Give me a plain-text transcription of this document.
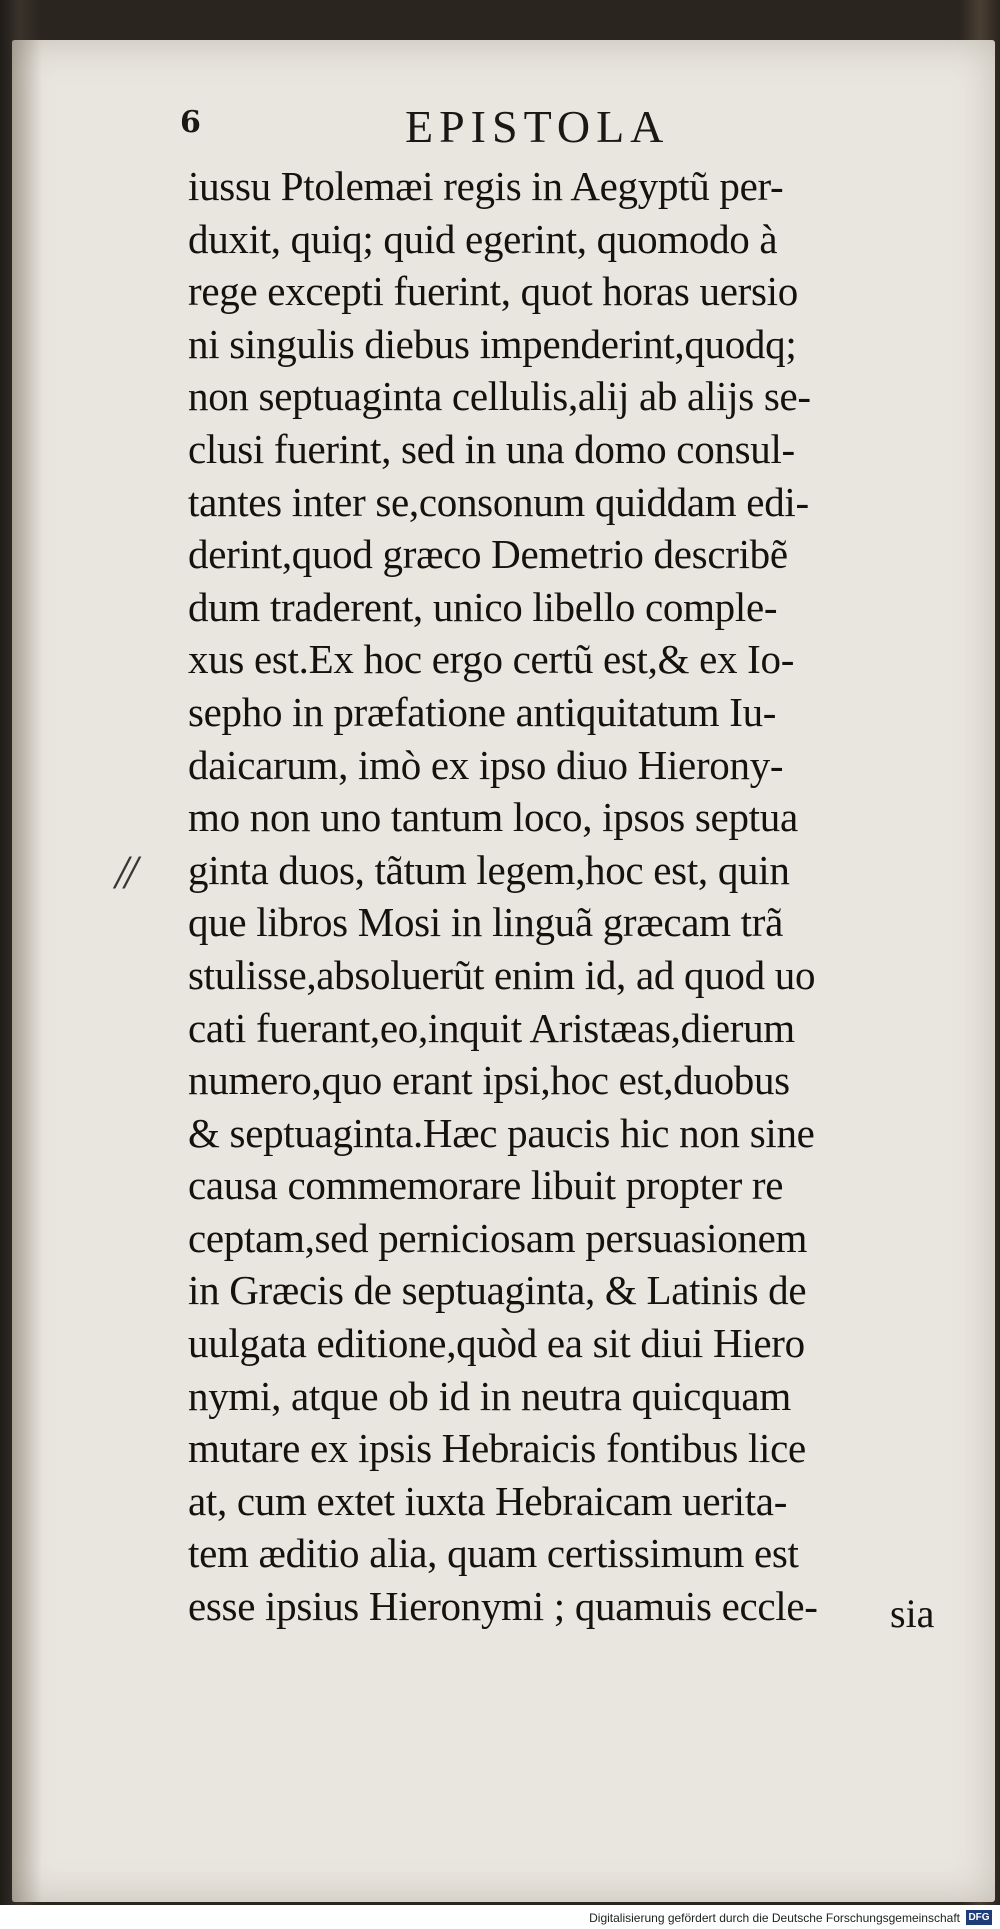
6	EPISTOLA
//
iussu Ptolemæi regis in Aegyptũ per-
duxit, quiq; quid egerint, quomodo à
rege excepti fuerint, quot horas uersio
ni singulis diebus impenderint,quodq;
non septuaginta cellulis,alij ab alijs se-
clusi fuerint, sed in una domo consul-
tantes inter se,consonum quiddam edi-
derint,quod græco Demetrio describẽ
dum traderent, unico libello comple-
xus est.Ex hoc ergo certũ est,& ex Io-
sepho in præfatione antiquitatum Iu-
daicarum, imò ex ipso diuo Hierony-
mo non uno tantum loco, ipsos septua
ginta duos, tãtum legem,hoc est, quin
que libros Mosi in linguã græcam trã
stulisse,absoluerũt enim id, ad quod uo
cati fuerant,eo,inquit Aristæas,dierum
numero,quo erant ipsi,hoc est,duobus
& septuaginta.Hæc paucis hic non sine
causa commemorare libuit propter re
ceptam,sed perniciosam persuasionem
in Græcis de septuaginta, & Latinis de
uulgata editione,quòd ea sit diui Hiero
nymi, atque ob id in neutra quicquam
mutare ex ipsis Hebraicis fontibus lice
at, cum extet iuxta Hebraicam uerita-
tem æditio alia, quam certissimum est
esse ipsius Hieronymi ; quamuis eccle-	sia
Digitalisierung gefördert durch die Deutsche Forschungsgemeinschaft DFG
